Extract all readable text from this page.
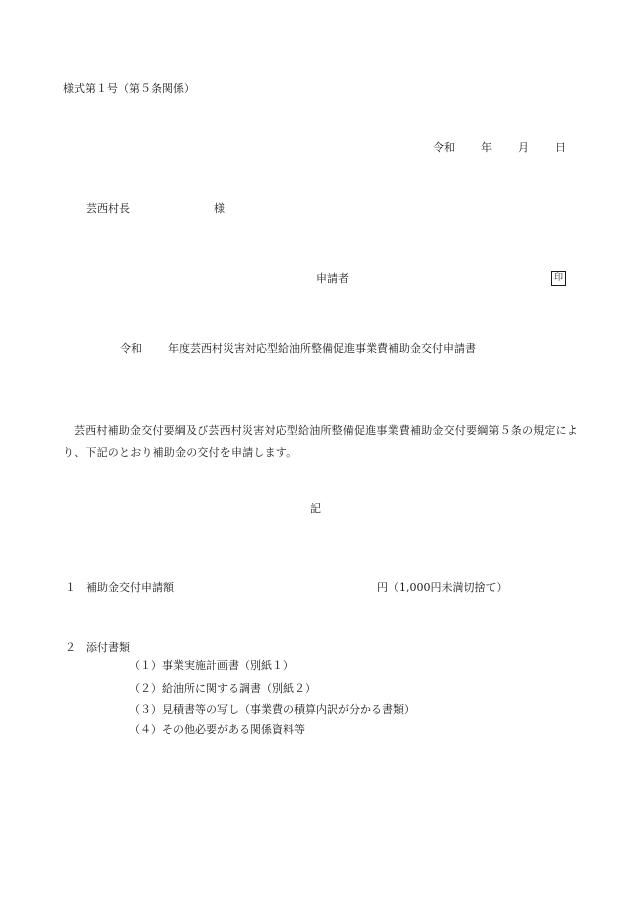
様式第１号（第５条関係）

令和 年 月 日

芸西村長	様

申請者	印

令和 年度芸西村災害対応型給油所整備促進事業費補助金交付申請書

芸西村補助金交付要綱及び芸西村災害対応型給油所整備促進事業費補助金交付要綱第５条の規定により、下記のとおり補助金の交付を申請します。

記

１ 補助金交付申請額	円（1,000円未満切捨て）

２ 添付書類

（１）事業実施計画書（別紙１）

（２）給油所に関する調書（別紙２）

（３）見積書等の写し（事業費の積算内訳が分かる書類）

（４）その他必要がある関係資料等
